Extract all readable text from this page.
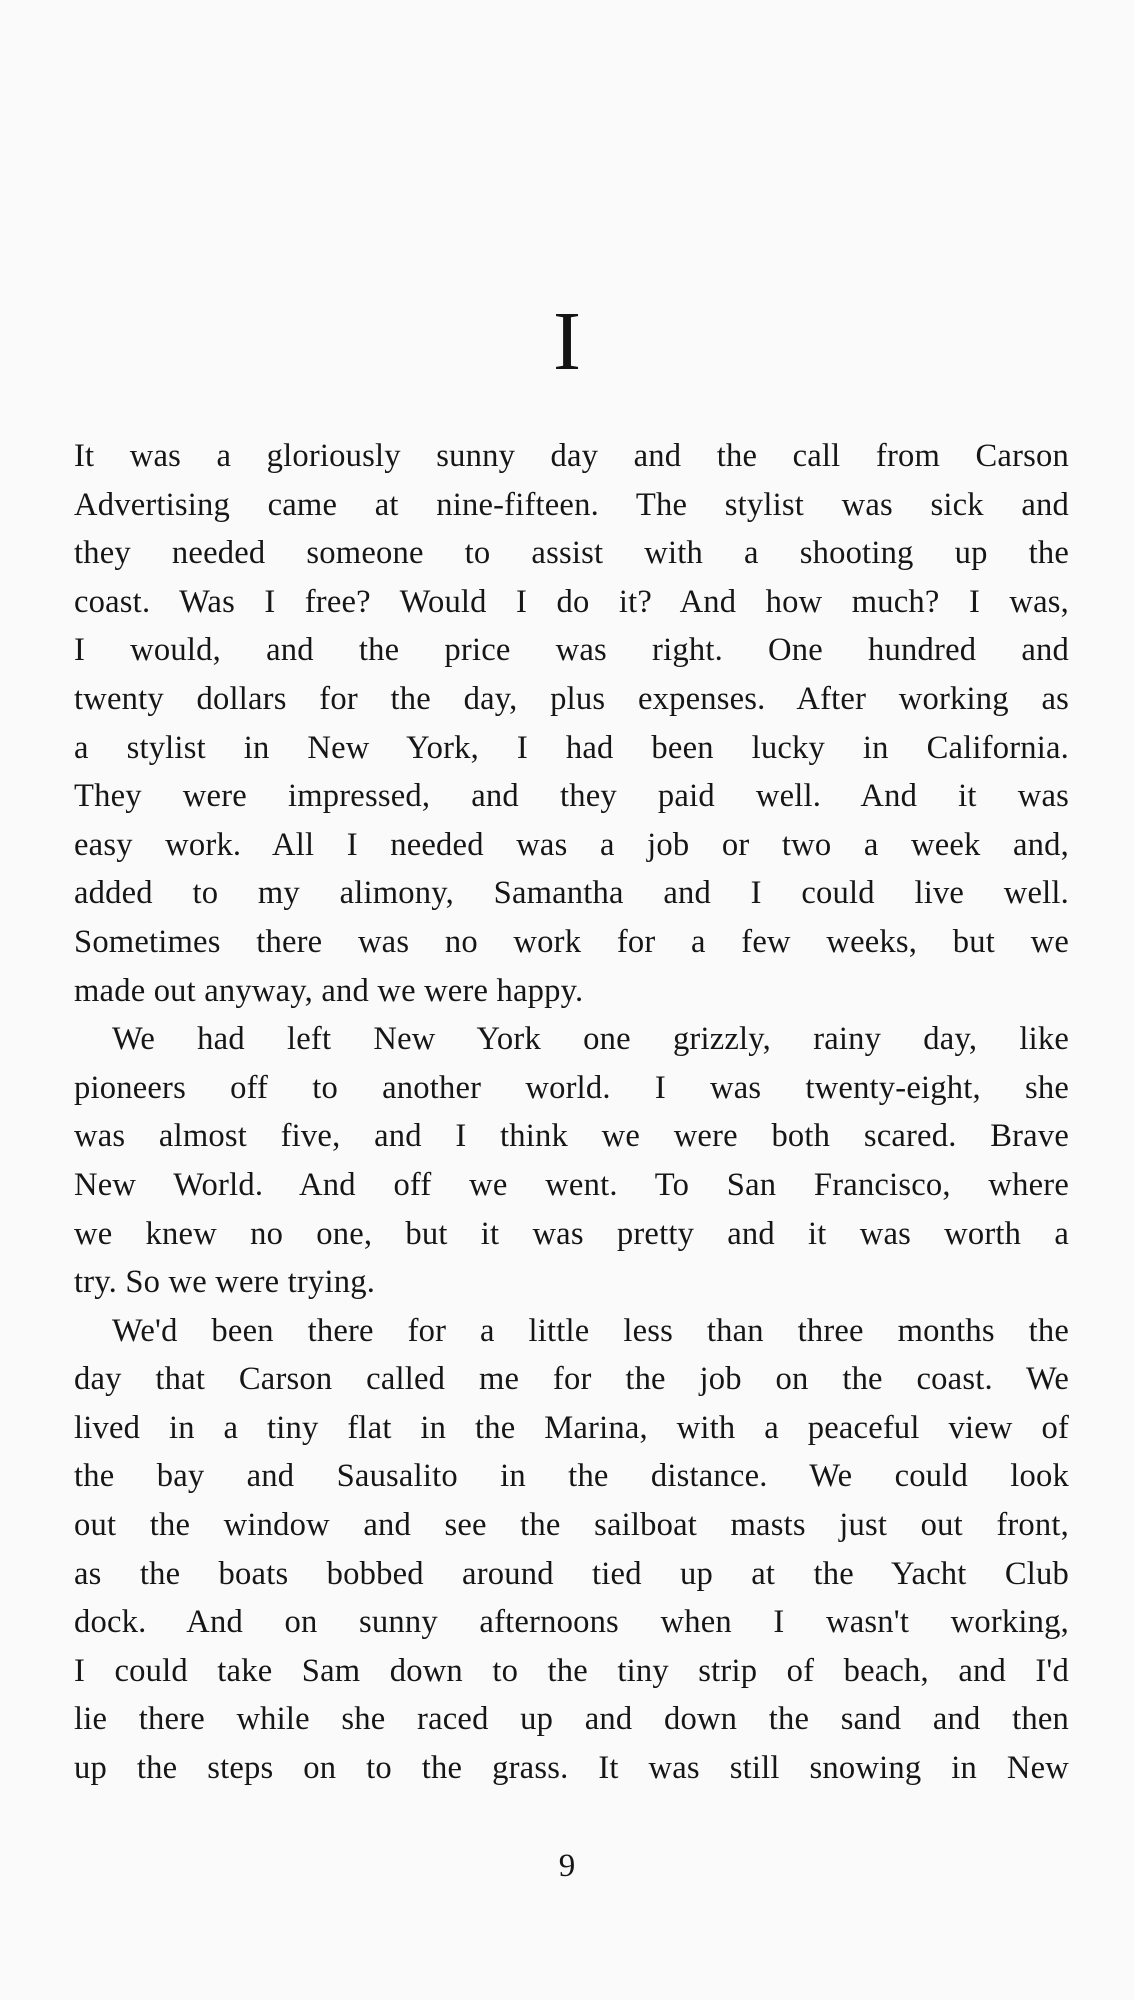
I
It was a gloriously sunny day and the call from Carson
Advertising came at nine-fifteen. The stylist was sick and
they needed someone to assist with a shooting up the
coast. Was I free? Would I do it? And how much? I was,
I would, and the price was right. One hundred and
twenty dollars for the day, plus expenses. After working as
a stylist in New York, I had been lucky in California.
They were impressed, and they paid well. And it was
easy work. All I needed was a job or two a week and,
added to my alimony, Samantha and I could live well.
Sometimes there was no work for a few weeks, but we
made out anyway, and we were happy.
We had left New York one grizzly, rainy day, like
pioneers off to another world. I was twenty-eight, she
was almost five, and I think we were both scared. Brave
New World. And off we went. To San Francisco, where
we knew no one, but it was pretty and it was worth a
try. So we were trying.
We'd been there for a little less than three months the
day that Carson called me for the job on the coast. We
lived in a tiny flat in the Marina, with a peaceful view of
the bay and Sausalito in the distance. We could look
out the window and see the sailboat masts just out front,
as the boats bobbed around tied up at the Yacht Club
dock. And on sunny afternoons when I wasn't working,
I could take Sam down to the tiny strip of beach, and I'd
lie there while she raced up and down the sand and then
up the steps on to the grass. It was still snowing in New
9
